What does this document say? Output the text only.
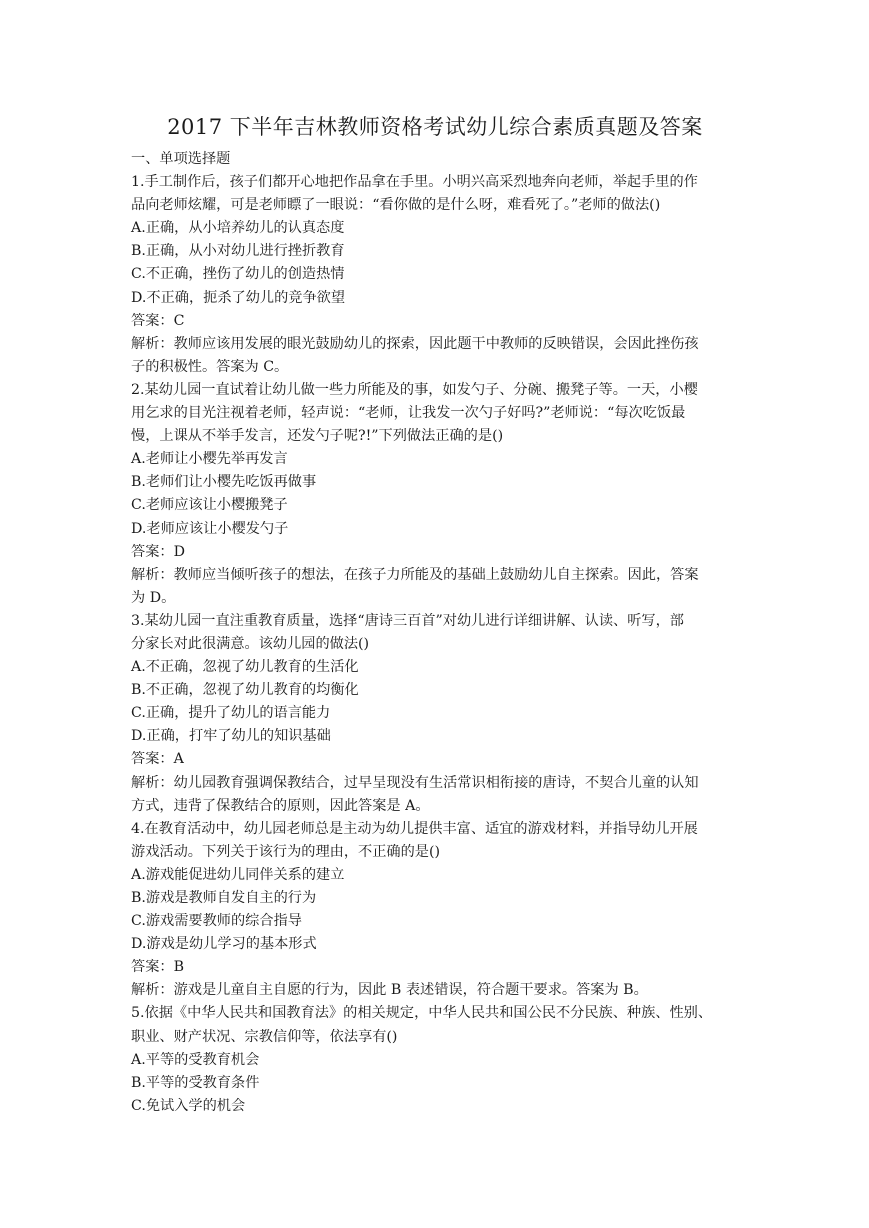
2017 下半年吉林教师资格考试幼儿综合素质真题及答案

一、单项选择题

1.手工制作后，孩子们都开心地把作品拿在手里。小明兴高采烈地奔向老师，举起手里的作

品向老师炫耀，可是老师瞟了一眼说：“看你做的是什么呀，难看死了。”老师的做法()

A.正确，从小培养幼儿的认真态度

B.正确，从小对幼儿进行挫折教育

C.不正确，挫伤了幼儿的创造热情

D.不正确，扼杀了幼儿的竞争欲望

答案：C

解析：教师应该用发展的眼光鼓励幼儿的探索，因此题干中教师的反映错误，会因此挫伤孩

子的积极性。答案为 C。

2.某幼儿园一直试着让幼儿做一些力所能及的事，如发勺子、分碗、搬凳子等。一天，小樱

用乞求的目光注视着老师，轻声说：“老师，让我发一次勺子好吗?”老师说：“每次吃饭最

慢，上课从不举手发言，还发勺子呢?!”下列做法正确的是()

A.老师让小樱先举再发言

B.老师们让小樱先吃饭再做事

C.老师应该让小樱搬凳子

D.老师应该让小樱发勺子

答案：D

解析：教师应当倾听孩子的想法，在孩子力所能及的基础上鼓励幼儿自主探索。因此，答案

为 D。

3.某幼儿园一直注重教育质量，选择“唐诗三百首”对幼儿进行详细讲解、认读、听写，部

分家长对此很满意。该幼儿园的做法()

A.不正确，忽视了幼儿教育的生活化

B.不正确，忽视了幼儿教育的均衡化

C.正确，提升了幼儿的语言能力

D.正确，打牢了幼儿的知识基础

答案：A

解析：幼儿园教育强调保教结合，过早呈现没有生活常识相衔接的唐诗，不契合儿童的认知

方式，违背了保教结合的原则，因此答案是 A。

4.在教育活动中，幼儿园老师总是主动为幼儿提供丰富、适宜的游戏材料，并指导幼儿开展

游戏活动。下列关于该行为的理由，不正确的是()

A.游戏能促进幼儿同伴关系的建立

B.游戏是教师自发自主的行为

C.游戏需要教师的综合指导

D.游戏是幼儿学习的基本形式

答案：B

解析：游戏是儿童自主自愿的行为，因此 B 表述错误，符合题干要求。答案为 B。

5.依据《中华人民共和国教育法》的相关规定，中华人民共和国公民不分民族、种族、性别、

职业、财产状况、宗教信仰等，依法享有()

A.平等的受教育机会

B.平等的受教育条件

C.免试入学的机会
